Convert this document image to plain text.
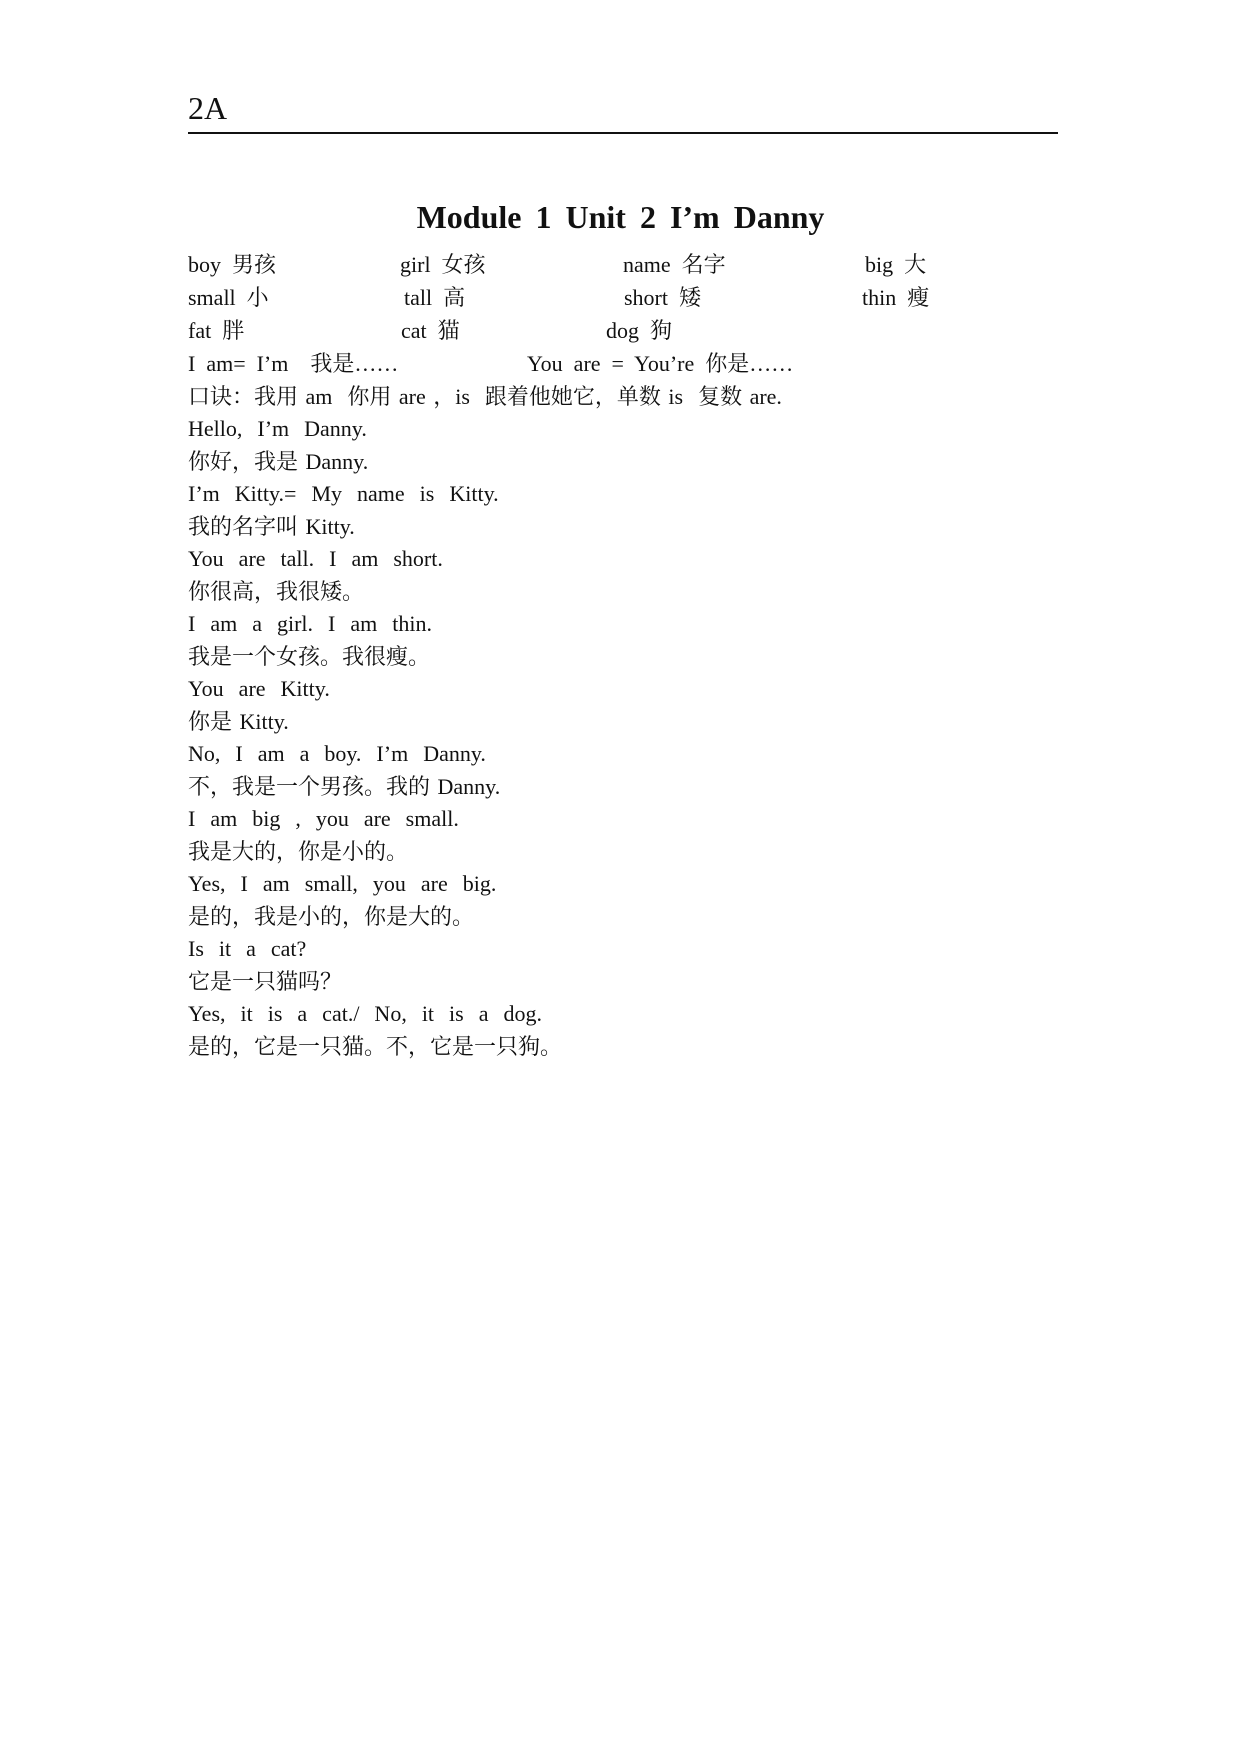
2A
Module 1 Unit 2 I’m Danny
boy  男孩	girl  女孩	name  名字	big  大
small  小	tall  高	short  矮	thin  瘦
fat  胖	cat  猫	dog  狗
I  am=  I’m    我是……	You  are  =  You’re  你是……
口诀：我用 am  你用 are ，is  跟着他她它，单数 is  复数 are.
Hello,  I’m  Danny.
你好，我是 Danny.
I’m  Kitty.=  My  name  is  Kitty.
我的名字叫 Kitty.
You  are  tall.  I  am  short.
你很高，我很矮。
I  am  a  girl.  I  am  thin.
我是一个女孩。我很瘦。
You  are  Kitty.
你是 Kitty.
No,  I  am  a  boy.  I’m  Danny.
不，我是一个男孩。我的 Danny.
I  am  big  ,  you  are  small.
我是大的，你是小的。
Yes,  I  am  small,  you  are  big.
是的，我是小的，你是大的。
Is  it  a  cat?
它是一只猫吗？
Yes,  it  is  a  cat./  No,  it  is  a  dog.
是的，它是一只猫。不，它是一只狗。
